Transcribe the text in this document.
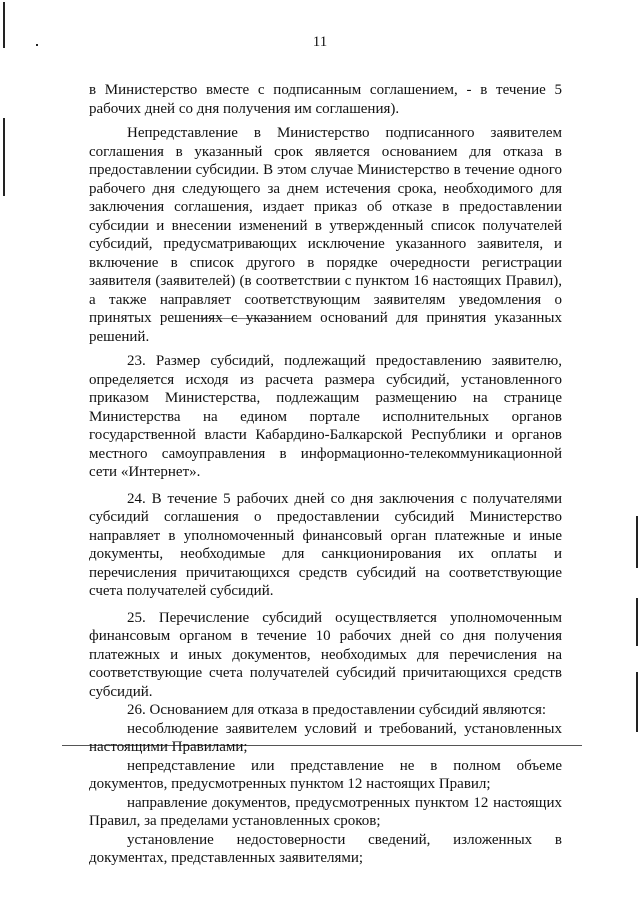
11

в Министерство вместе с подписанным соглашением, - в течение 5 рабочих дней со дня получения им соглашения).

Непредставление в Министерство подписанного заявителем соглашения в указанный срок является основанием для отказа в предоставлении субсидии. В этом случае Министерство в течение одного рабочего дня следующего за днем истечения срока, необходимого для заключения соглашения, издает приказ об отказе в предоставлении субсидии и внесении изменений в утвержденный список получателей субсидий, предусматривающих исключение указанного заявителя, и включение в список другого в порядке очередности регистрации заявителя (заявителей) (в соответствии с пунктом 16 настоящих Правил), а также направляет соответствующим заявителям уведомления о принятых решениях с указанием оснований для принятия указанных решений.

23. Размер субсидий, подлежащий предоставлению заявителю, определяется исходя из расчета размера субсидий, установленного приказом Министерства, подлежащим размещению на странице Министерства на едином портале исполнительных органов государственной власти Кабардино-Балкарской Республики и органов местного самоуправления в информационно-телекоммуникационной сети «Интернет».

24. В течение 5 рабочих дней со дня заключения с получателями субсидий соглашения о предоставлении субсидий Министерство направляет в уполномоченный финансовый орган платежные и иные документы, необходимые для санкционирования их оплаты и перечисления причитающихся средств субсидий на соответствующие счета получателей субсидий.

25. Перечисление субсидий осуществляется уполномоченным финансовым органом в течение 10 рабочих дней со дня получения платежных и иных документов, необходимых для перечисления на соответствующие счета получателей субсидий причитающихся средств субсидий.

26. Основанием для отказа в предоставлении субсидий являются:

несоблюдение заявителем условий и требований, установленных настоящими Правилами;

непредставление или представление не в полном объеме документов, предусмотренных пунктом 12 настоящих Правил;

направление документов, предусмотренных пунктом 12 настоящих Правил, за пределами установленных сроков;

установление недостоверности сведений, изложенных в документах, представленных заявителями;
